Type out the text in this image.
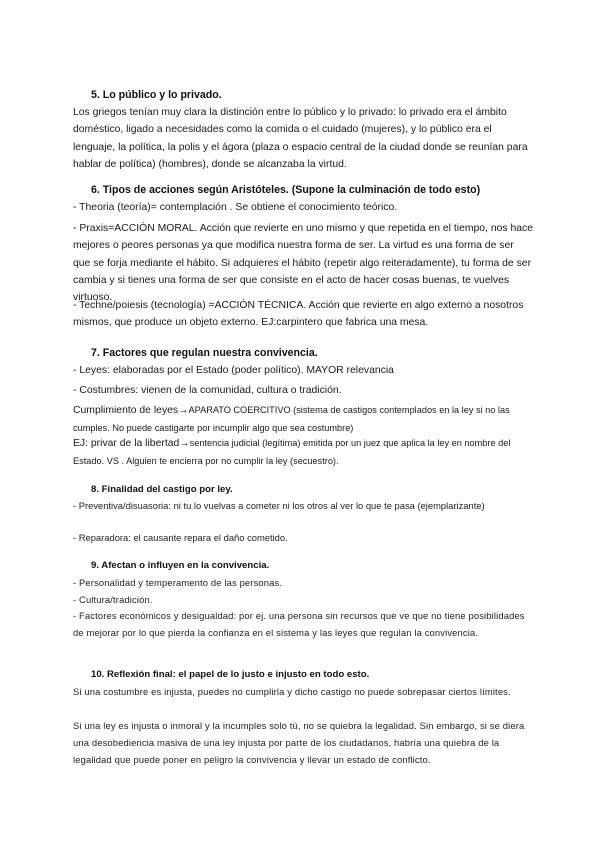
5. Lo público y lo privado.

Los griegos tenían muy clara la distinción entre lo público y lo privado: lo privado era el ámbito doméstico, ligado a necesidades como la comida o el cuidado (mujeres), y lo público era el lenguaje, la política, la polis y el ágora (plaza o espacio central de la ciudad donde se reunían para hablar de política) (hombres), donde se alcanzaba la virtud.

6. Tipos de acciones según Aristóteles. (Supone la culminación de todo esto)

- Theoria (teoría)= contemplación . Se obtiene el conocimiento teórico.

- Praxis=ACCIÓN MORAL. Acción que revierte en uno mismo y que repetida en el tiempo, nos hace mejores o peores personas ya que modifica nuestra forma de ser. La virtud es una forma de ser que se forja mediante el hábito. Si adquieres el hábito (repetir algo reiteradamente), tu forma de ser cambia y si tienes una forma de ser que consiste en el acto de hacer cosas buenas, te vuelves virtuoso.

- Techne/poiesis (tecnología) =ACCIÓN TÉCNICA. Acción que revierte en algo externo a nosotros mismos, que produce un objeto externo. EJ:carpintero que fabrica una mesa.

7. Factores que regulan nuestra convivencia.

- Leyes: elaboradas por el Estado (poder político). MAYOR relevancia

- Costumbres: vienen de la comunidad, cultura o tradición.

Cumplimiento de leyes→APARATO COERCITIVO (sistema de castigos contemplados en la ley si no las cumples. No puede castigarte por incumplir algo que sea costumbre)

EJ: privar de la libertad→sentencia judicial (legítima) emitida por un juez que aplica la ley en nombre del Estado. VS . Alguien te encierra por no cumplir la ley (secuestro).

8. Finalidad del castigo por ley.

- Preventiva/disuasoria: ni tu lo vuelvas a cometer ni los otros al ver lo que te pasa (ejemplarizante)

- Reparadora: el causante repara el daño cometido.

9. Afectan o influyen en la convivencia.

- Personalidad y temperamento de las personas.

- Cultura/tradición.

- Factores económicos y desigualdad: por ej. una persona sin recursos que ve que no tiene posibilidades de mejorar por lo que pierda la confianza en el sistema y las leyes que regulan la convivencia.

10. Reflexión final: el papel de lo justo e injusto en todo esto.

Si una costumbre es injusta, puedes no cumplirla y dicho castigo no puede sobrepasar ciertos límites.

Si una ley es injusta o inmoral y la incumples solo tú, no se quiebra la legalidad. Sin embargo, si se diera una desobediencia masiva de una ley injusta por parte de los ciudadanos, habría una quiebra de la legalidad que puede poner en peligro la convivencia y llevar un estado de conflicto.
